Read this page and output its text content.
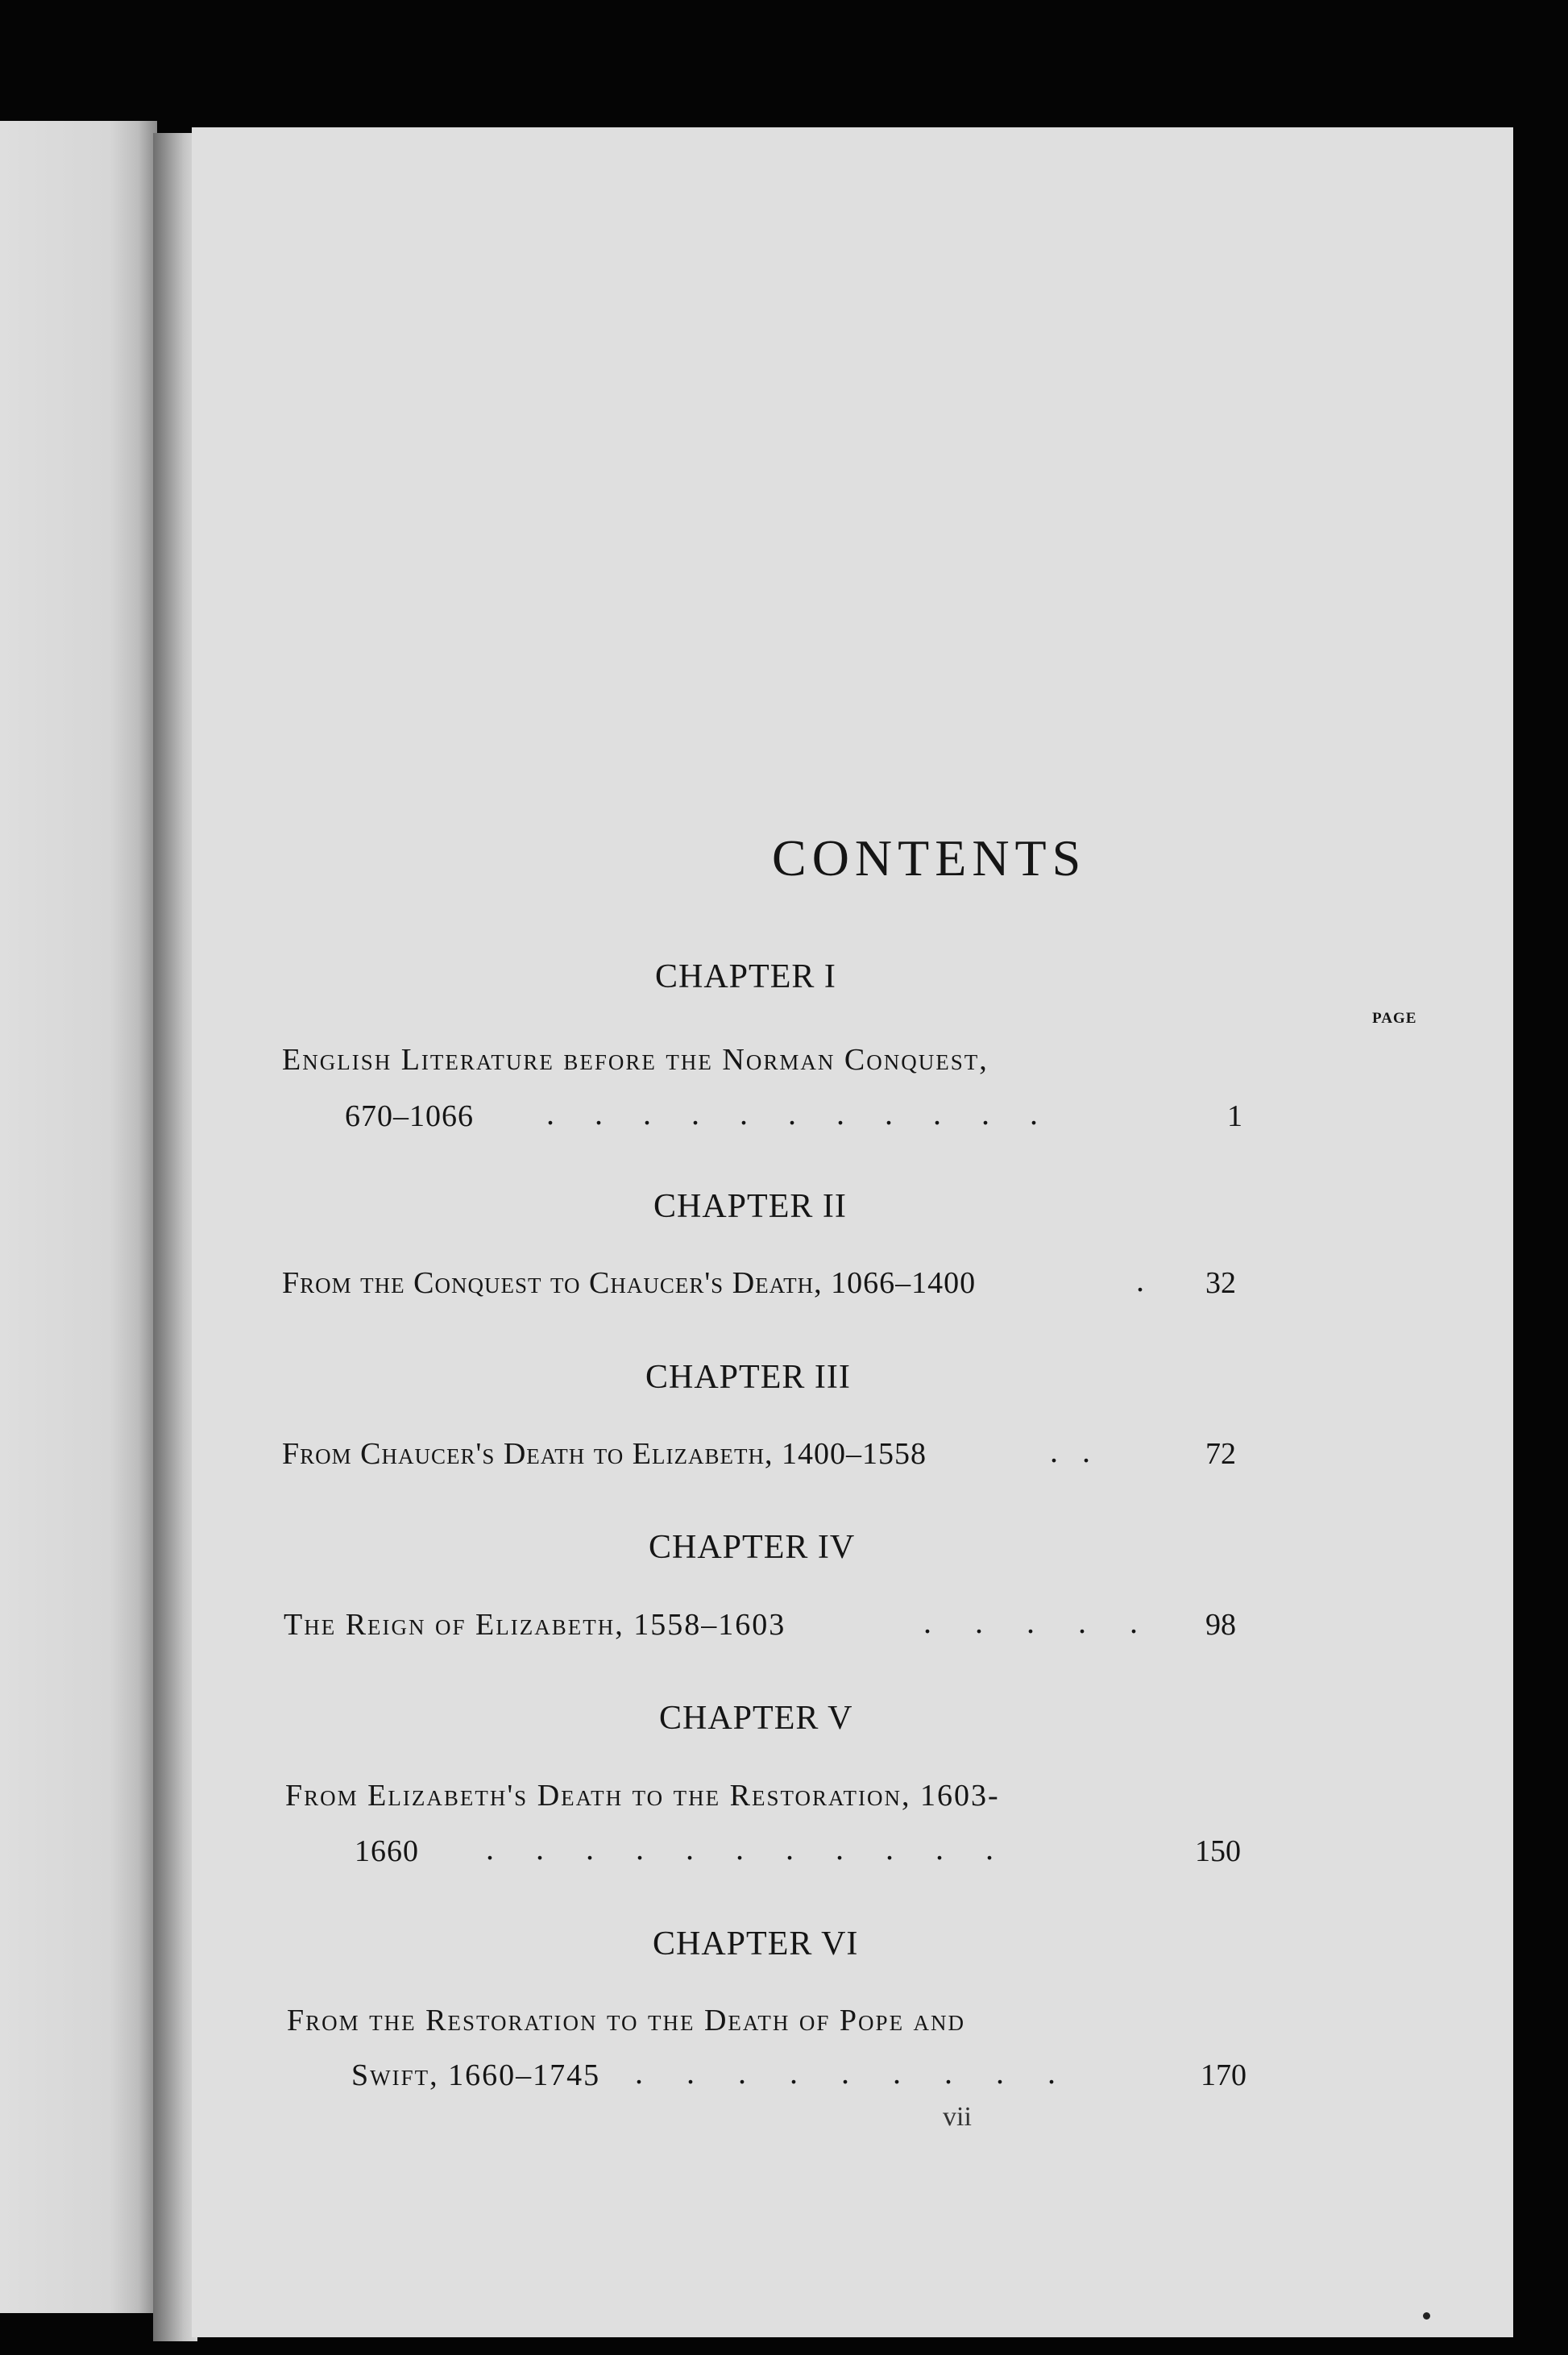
CONTENTS
CHAPTER I
PAGE
English Literature before the Norman Conquest,
670–1066 . . . . . . . . . . .	1
CHAPTER II
From the Conquest to Chaucer's Death, 1066–1400	. 32
CHAPTER III
From Chaucer's Death to Elizabeth, 1400–1558	. .	72
CHAPTER IV
The Reign of Elizabeth, 1558–1603	. . . . . 98
CHAPTER V
From Elizabeth's Death to the Restoration, 1603-
1660 . . . . . . . . . . .	150
CHAPTER VI
From the Restoration to the Death of Pope and
Swift, 1660–1745 . . . . . . . . .	170
vii
